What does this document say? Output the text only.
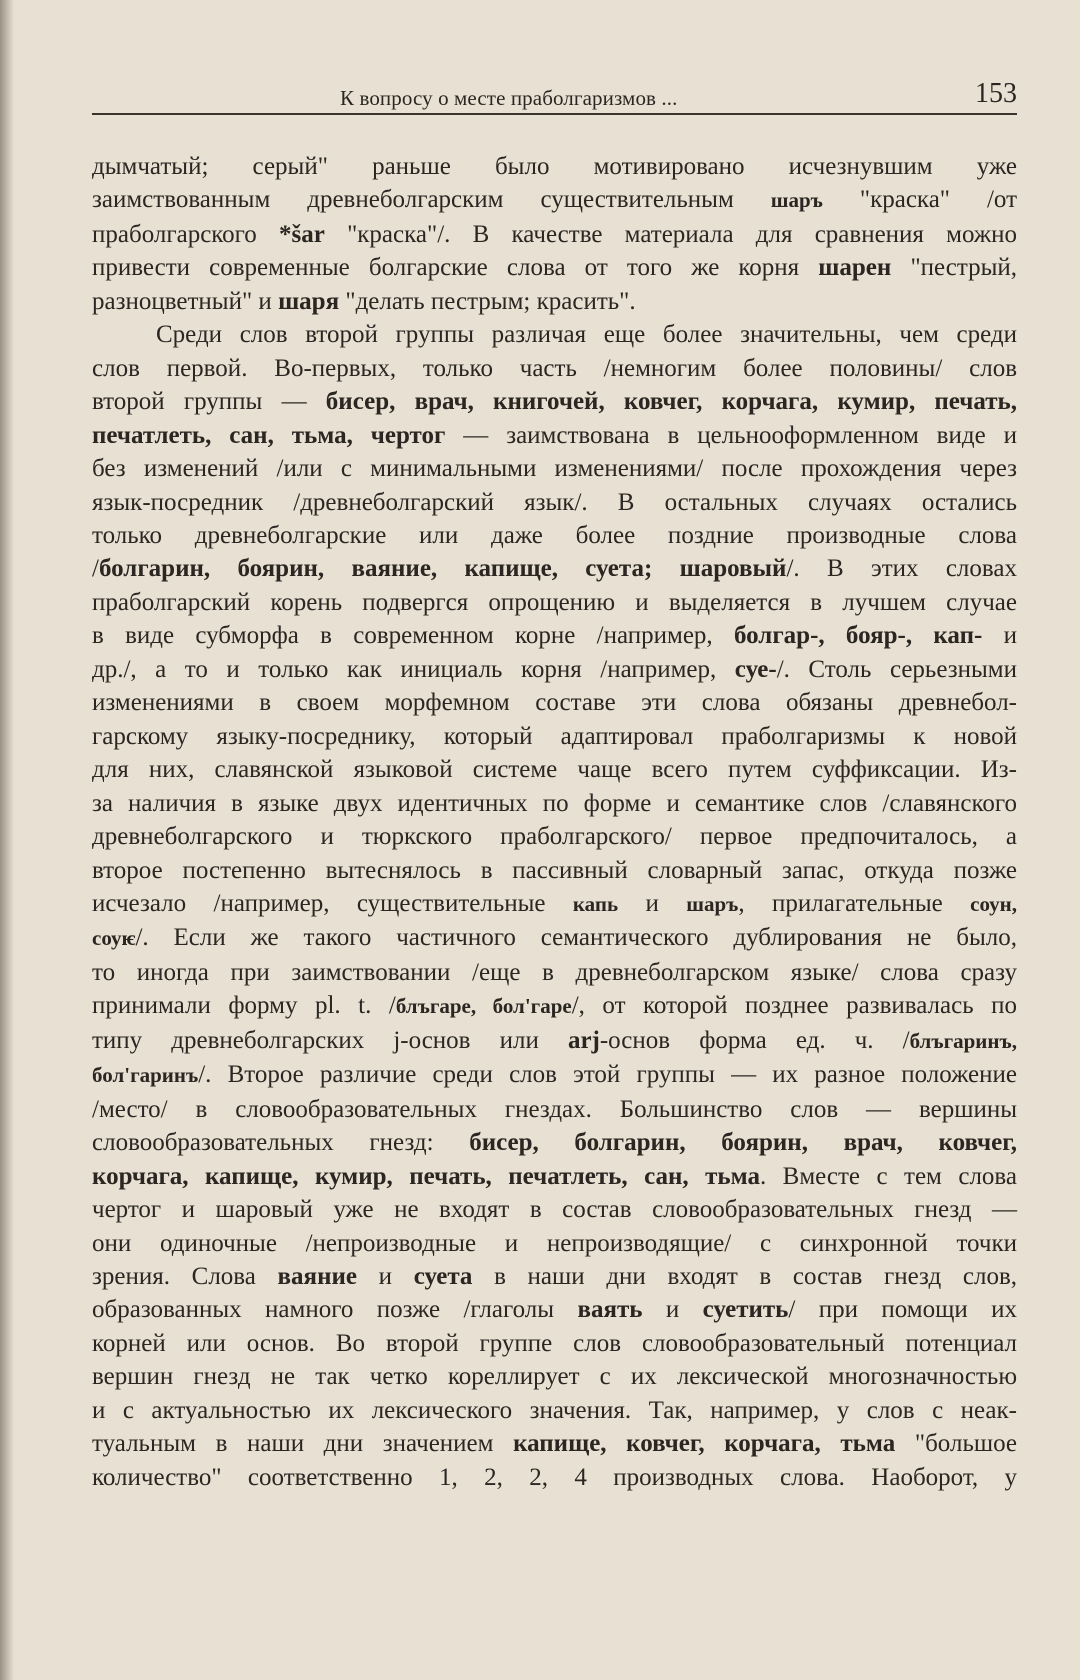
К вопросу о месте праболгаризмов ...	153
дымчатый; серый" раньше было мотивировано исчезнувшим уже
заимствованным древнеболгарским существительным шаръ "краска" /от
праболгарского *šar "краска"/. В качестве материала для сравнения можно
привести современные болгарские слова от того же корня шарен "пестрый,
разноцветный" и шаря "делать пестрым; красить".
Среди слов второй группы различая еще более значительны, чем среди
слов первой. Во-первых, только часть /немногим более половины/ слов
второй группы — бисер, врач, книгочей, ковчег, корчага, кумир, печать,
печатлеть, сан, тьма, чертог — заимствована в цельнооформленном виде и
без изменений /или с минимальными изменениями/ после прохождения через
язык-посредник /древнеболгарский язык/. В остальных случаях остались
только древнеболгарские или даже более поздние производные слова
/болгарин, боярин, ваяние, капище, суета; шаровый/. В этих словах
праболгарский корень подвергся опрощению и выделяется в лучшем случае
в виде субморфа в современном корне /например, болгар-, бояр-, кап- и
др./, а то и только как инициаль корня /например, суе-/. Столь серьезными
изменениями в своем морфемном составе эти слова обязаны древнебол-
гарскому языку-посреднику, который адаптировал праболгаризмы к новой
для них, славянской языковой системе чаще всего путем суффиксации. Из-
за наличия в языке двух идентичных по форме и семантике слов /славянского
древнеболгарского и тюркского праболгарского/ первое предпочиталось, а
второе постепенно вытеснялось в пассивный словарный запас, откуда позже
исчезало /например, существительные капь и шаръ, прилагательные соун,
соуѥ/. Если же такого частичного семантического дублирования не было,
то иногда при заимствовании /еще в древнеболгарском языке/ слова сразу
принимали форму pl. t. /блъгаре, бол'гаре/, от которой позднее развивалась по
типу древнеболгарских j-основ или arj-основ форма ед. ч. /блъгаринъ,
бол'гаринъ/. Второе различие среди слов этой группы — их разное положение
/место/ в словообразовательных гнездах. Большинство слов — вершины
словообразовательных гнезд: бисер, болгарин, боярин, врач, ковчег,
корчага, капище, кумир, печать, печатлеть, сан, тьма. Вместе с тем слова
чертог и шаровый уже не входят в состав словообразовательных гнезд —
они одиночные /непроизводные и непроизводящие/ с синхронной точки
зрения. Слова ваяние и суета в наши дни входят в состав гнезд слов,
образованных намного позже /глаголы ваять и суетить/ при помощи их
корней или основ. Во второй группе слов словообразовательный потенциал
вершин гнезд не так четко кореллирует с их лексической многозначностью
и с актуальностью их лексического значения. Так, например, у слов с неак-
туальным в наши дни значением капище, ковчег, корчага, тьма "большое
количество" соответственно 1, 2, 2, 4 производных слова. Наоборот, у
